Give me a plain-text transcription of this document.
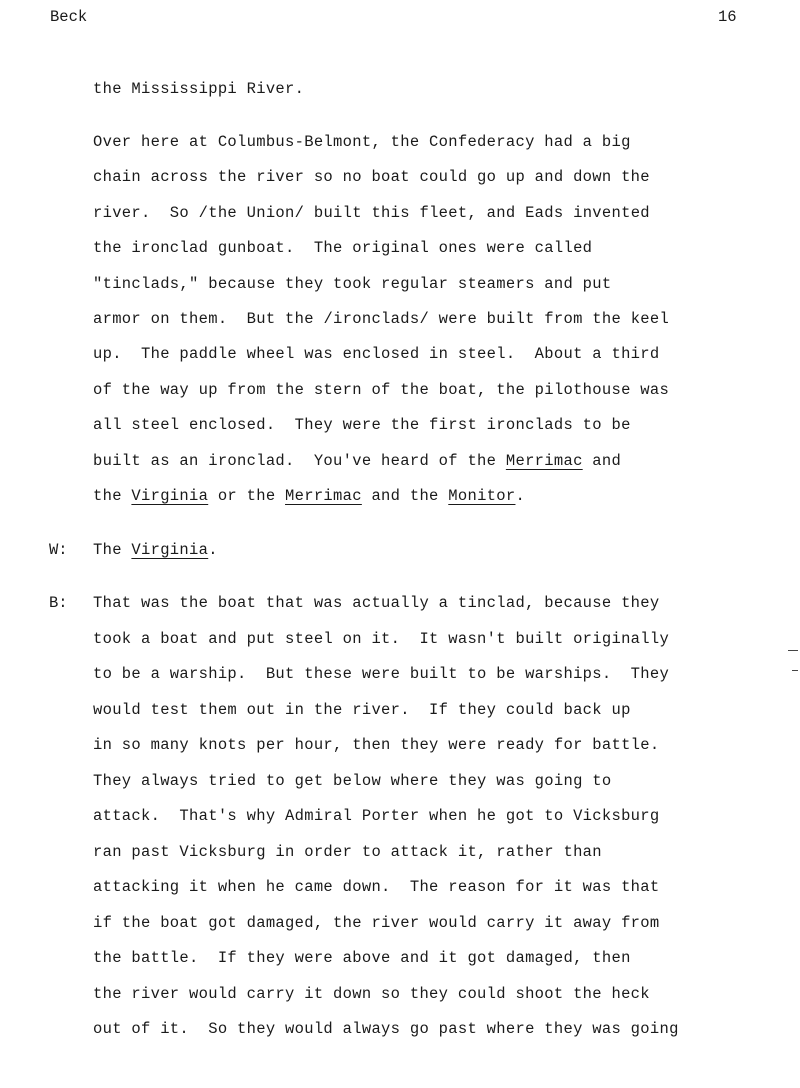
Beck	16
the Mississippi River.
Over here at Columbus-Belmont, the Confederacy had a big
chain across the river so no boat could go up and down the
river.  So /the Union/ built this fleet, and Eads invented
the ironclad gunboat.  The original ones were called
"tinclads," because they took regular steamers and put
armor on them.  But the /ironclads/ were built from the keel
up.  The paddle wheel was enclosed in steel.  About a third
of the way up from the stern of the boat, the pilothouse was
all steel enclosed.  They were the first ironclads to be
built as an ironclad.  You've heard of the Merrimac and
the Virginia or the Merrimac and the Monitor.
W: The Virginia.
B: That was the boat that was actually a tinclad, because they
took a boat and put steel on it.  It wasn't built originally
to be a warship.  But these were built to be warships.  They
would test them out in the river.  If they could back up
in so many knots per hour, then they were ready for battle.
They always tried to get below where they was going to
attack.  That's why Admiral Porter when he got to Vicksburg
ran past Vicksburg in order to attack it, rather than
attacking it when he came down.  The reason for it was that
if the boat got damaged, the river would carry it away from
the battle.  If they were above and it got damaged, then
the river would carry it down so they could shoot the heck
out of it.  So they would always go past where they was going
